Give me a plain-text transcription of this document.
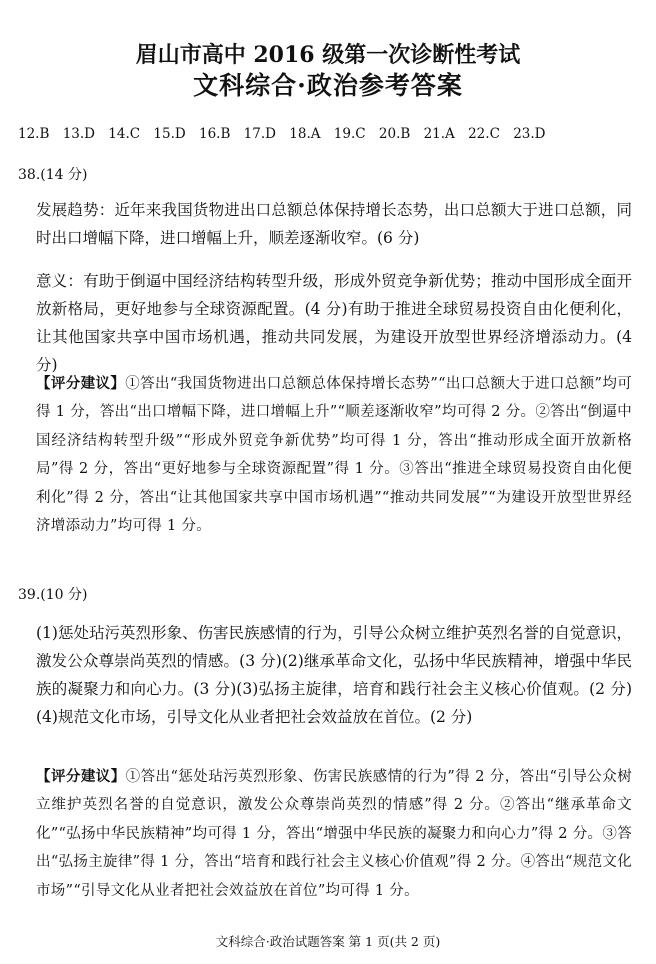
眉山市高中 2016 级第一次诊断性考试
文科综合·政治参考答案
12.B 13.D 14.C 15.D 16.B 17.D 18.A 19.C 20.B 21.A 22.C 23.D
38.(14 分)
发展趋势：近年来我国货物进出口总额总体保持增长态势，出口总额大于进口总额，同时出口增幅下降，进口增幅上升，顺差逐渐收窄。(6 分)
意义：有助于倒逼中国经济结构转型升级，形成外贸竞争新优势；推动中国形成全面开放新格局，更好地参与全球资源配置。(4 分)有助于推进全球贸易投资自由化便利化，让其他国家共享中国市场机遇，推动共同发展，为建设开放型世界经济增添动力。(4 分)
【评分建议】①答出“我国货物进出口总额总体保持增长态势”“出口总额大于进口总额”均可得 1 分，答出“出口增幅下降，进口增幅上升”“顺差逐渐收窄”均可得 2 分。②答出“倒逼中国经济结构转型升级”“形成外贸竞争新优势”均可得 1 分，答出“推动形成全面开放新格局”得 2 分，答出“更好地参与全球资源配置”得 1 分。③答出“推进全球贸易投资自由化便利化”得 2 分，答出“让其他国家共享中国市场机遇”“推动共同发展”“为建设开放型世界经济增添动力”均可得 1 分。
39.(10 分)
(1)惩处玷污英烈形象、伤害民族感情的行为，引导公众树立维护英烈名誉的自觉意识，激发公众尊崇尚英烈的情感。(3 分)(2)继承革命文化，弘扬中华民族精神，增强中华民族的凝聚力和向心力。(3 分)(3)弘扬主旋律，培育和践行社会主义核心价值观。(2 分)(4)规范文化市场，引导文化从业者把社会效益放在首位。(2 分)
【评分建议】①答出“惩处玷污英烈形象、伤害民族感情的行为”得 2 分，答出“引导公众树立维护英烈名誉的自觉意识，激发公众尊崇尚英烈的情感”得 2 分。②答出“继承革命文化”“弘扬中华民族精神”均可得 1 分，答出“增强中华民族的凝聚力和向心力”得 2 分。③答出“弘扬主旋律”得 1 分，答出“培育和践行社会主义核心价值观”得 2 分。④答出“规范文化市场”“引导文化从业者把社会效益放在首位”均可得 1 分。
文科综合·政治试题答案 第 1 页(共 2 页)
